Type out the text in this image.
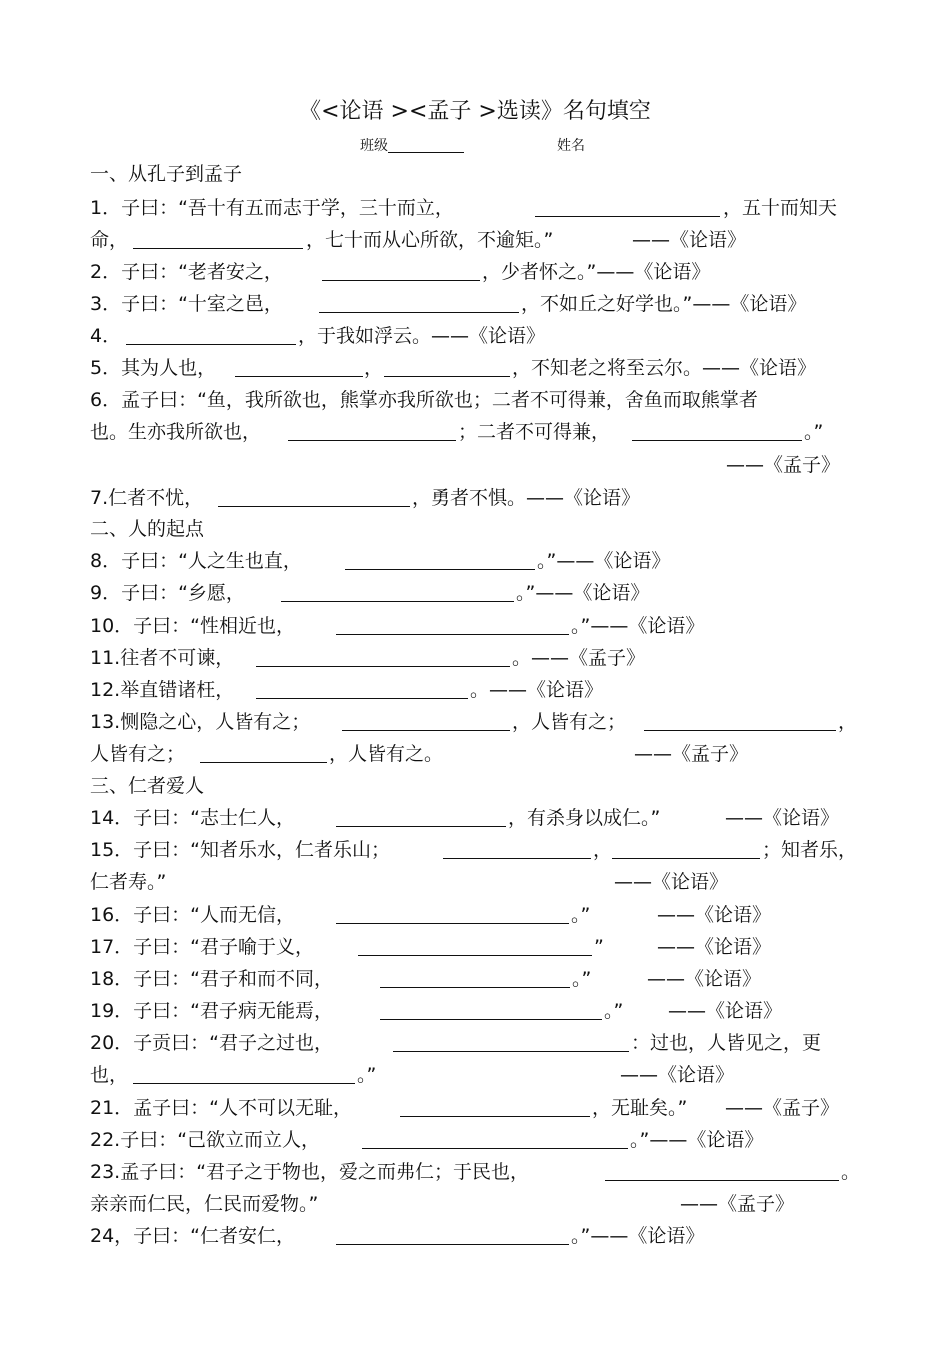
《<论语 ><孟子 >选读》名句填空
班级	姓名
一、从孔子到孟子
1．子曰：“吾十有五而志于学，三十而立，	，五十而知天
命，	，七十而从心所欲，不逾矩。”	——《论语》
2．子曰：“老者安之，	，少者怀之。”——《论语》
3．子曰：“十室之邑，	，不如丘之好学也。”——《论语》
4．	，于我如浮云。——《论语》
5．其为人也，	，	，不知老之将至云尔。——《论语》
6．孟子曰：“鱼，我所欲也，熊掌亦我所欲也；二者不可得兼，舍鱼而取熊掌者
也。生亦我所欲也，	；二者不可得兼，	。”
——《孟子》
7.仁者不忧，	，勇者不惧。——《论语》
二、人的起点
8．子曰：“人之生也直，	。”——《论语》
9．子曰：“乡愿，	。”——《论语》
10．子曰：“性相近也，	。”——《论语》
11.往者不可谏，	。——《孟子》
12.举直错诸枉，	。——《论语》
13.恻隐之心，人皆有之；	，人皆有之；	，
人皆有之；	，人皆有之。	——《孟子》
三、仁者爱人
14．子曰：“志士仁人，	，有杀身以成仁。”	——《论语》
15．子曰：“知者乐水，仁者乐山；	，	；知者乐，
仁者寿。”	——《论语》
16．子曰：“人而无信，	。”	——《论语》
17．子曰：“君子喻于义，	”	——《论语》
18．子曰：“君子和而不同，	。”	——《论语》
19．子曰：“君子病无能焉，	。” ——《论语》
20．子贡曰：“君子之过也，	：过也，人皆见之，更
也，	。”	——《论语》
21．孟子曰：“人不可以无耻，	，无耻矣。” ——《孟子》
22.子曰：“己欲立而立人，	。”——《论语》
23.孟子曰：“君子之于物也，爱之而弗仁；于民也，	。
亲亲而仁民，仁民而爱物。”	——《孟子》
24，子曰：“仁者安仁，	。”——《论语》
